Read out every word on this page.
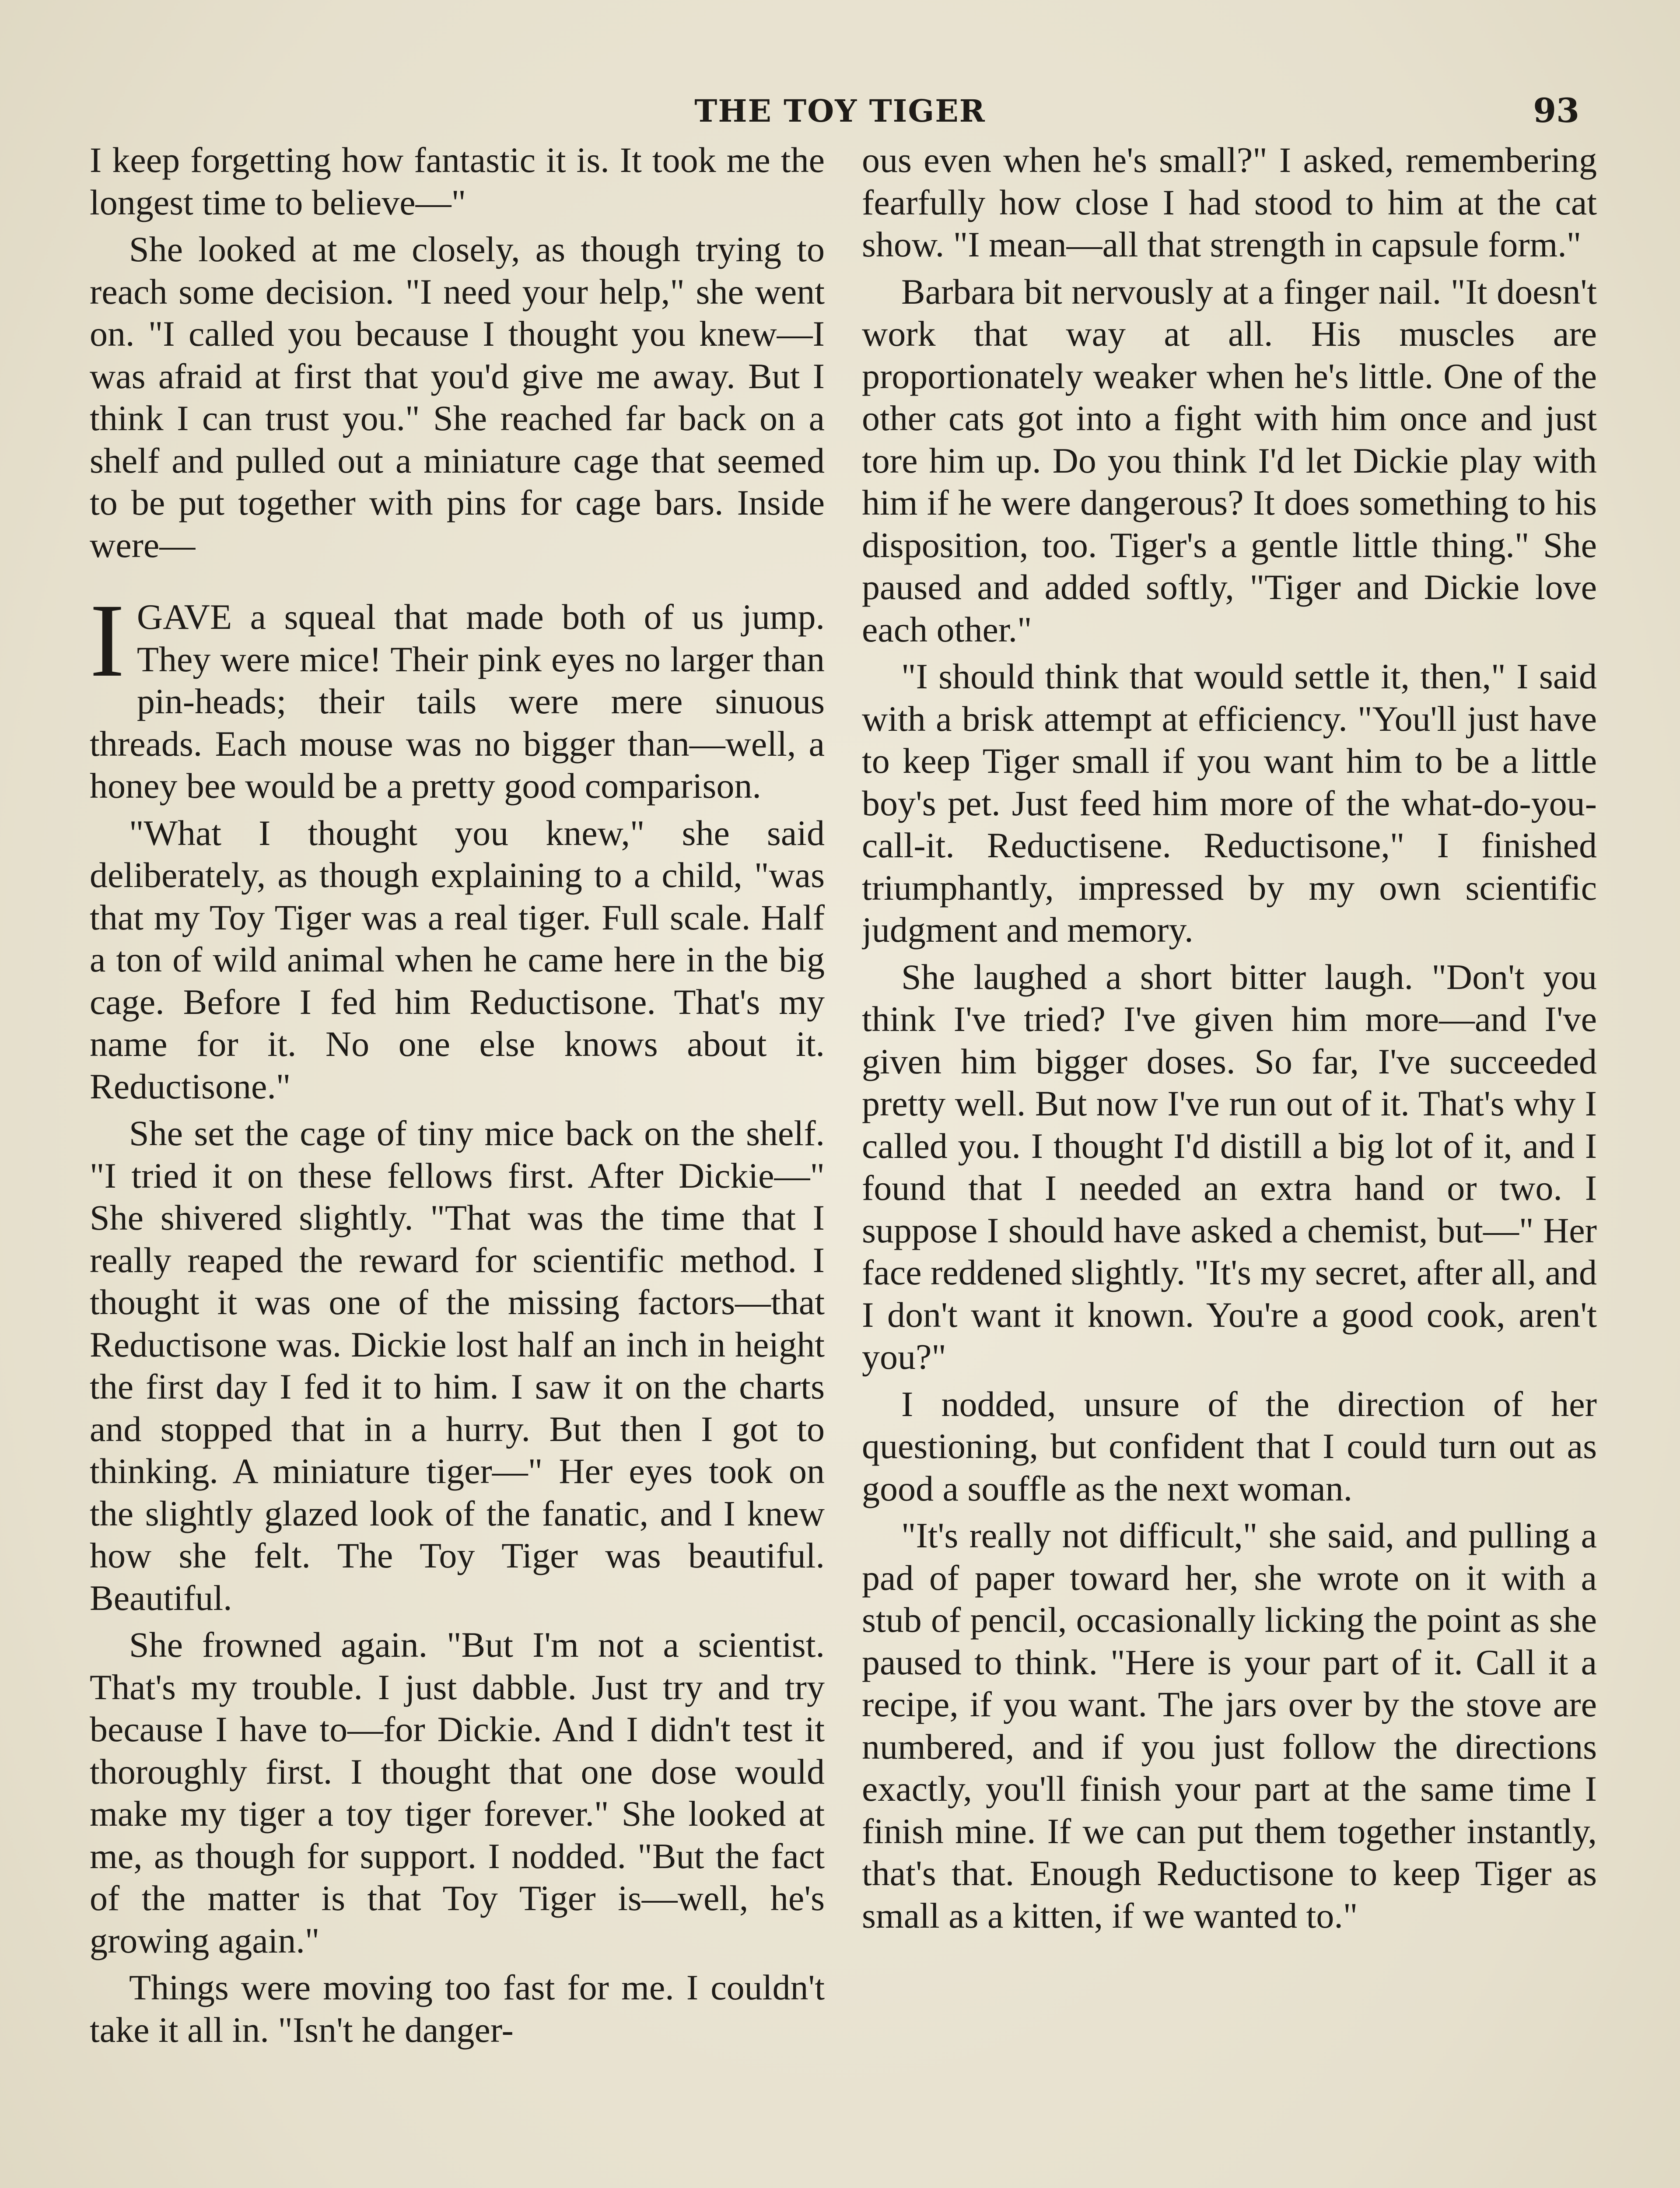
THE TOY TIGER	93

I keep forgetting how fantastic it is. It took me the longest time to believe—"

She looked at me closely, as though trying to reach some decision. "I need your help," she went on. "I called you because I thought you knew—I was afraid at first that you'd give me away. But I think I can trust you." She reached far back on a shelf and pulled out a miniature cage that seemed to be put together with pins for cage bars. Inside were—

IGAVE a squeal that made both of us jump. They were mice! Their pink eyes no larger than pin-heads; their tails were mere sinuous threads. Each mouse was no bigger than—well, a honey bee would be a pretty good comparison.

"What I thought you knew," she said deliberately, as though explaining to a child, "was that my Toy Tiger was a real tiger. Full scale. Half a ton of wild animal when he came here in the big cage. Before I fed him Reductisone. That's my name for it. No one else knows about it. Reductisone."

She set the cage of tiny mice back on the shelf. "I tried it on these fellows first. After Dickie—" She shivered slightly. "That was the time that I really reaped the reward for scientific method. I thought it was one of the missing factors—that Reductisone was. Dickie lost half an inch in height the first day I fed it to him. I saw it on the charts and stopped that in a hurry. But then I got to thinking. A miniature tiger—" Her eyes took on the slightly glazed look of the fanatic, and I knew how she felt. The Toy Tiger was beautiful. Beautiful.

She frowned again. "But I'm not a scientist. That's my trouble. I just dabble. Just try and try because I have to—for Dickie. And I didn't test it thoroughly first. I thought that one dose would make my tiger a toy tiger forever." She looked at me, as though for support. I nodded. "But the fact of the matter is that Toy Tiger is—well, he's growing again."

Things were moving too fast for me. I couldn't take it all in. "Isn't he danger-

ous even when he's small?" I asked, remembering fearfully how close I had stood to him at the cat show. "I mean—all that strength in capsule form."

Barbara bit nervously at a finger nail. "It doesn't work that way at all. His muscles are proportionately weaker when he's little. One of the other cats got into a fight with him once and just tore him up. Do you think I'd let Dickie play with him if he were dangerous? It does something to his disposition, too. Tiger's a gentle little thing." She paused and added softly, "Tiger and Dickie love each other."

"I should think that would settle it, then," I said with a brisk attempt at efficiency. "You'll just have to keep Tiger small if you want him to be a little boy's pet. Just feed him more of the what-do-you-call-it. Reductisene. Reductisone," I finished triumphantly, impressed by my own scientific judgment and memory.

She laughed a short bitter laugh. "Don't you think I've tried? I've given him more—and I've given him bigger doses. So far, I've succeeded pretty well. But now I've run out of it. That's why I called you. I thought I'd distill a big lot of it, and I found that I needed an extra hand or two. I suppose I should have asked a chemist, but—" Her face reddened slightly. "It's my secret, after all, and I don't want it known. You're a good cook, aren't you?"

I nodded, unsure of the direction of her questioning, but confident that I could turn out as good a souffle as the next woman.

"It's really not difficult," she said, and pulling a pad of paper toward her, she wrote on it with a stub of pencil, occasionally licking the point as she paused to think. "Here is your part of it. Call it a recipe, if you want. The jars over by the stove are numbered, and if you just follow the directions exactly, you'll finish your part at the same time I finish mine. If we can put them together instantly, that's that. Enough Reductisone to keep Tiger as small as a kitten, if we wanted to."
